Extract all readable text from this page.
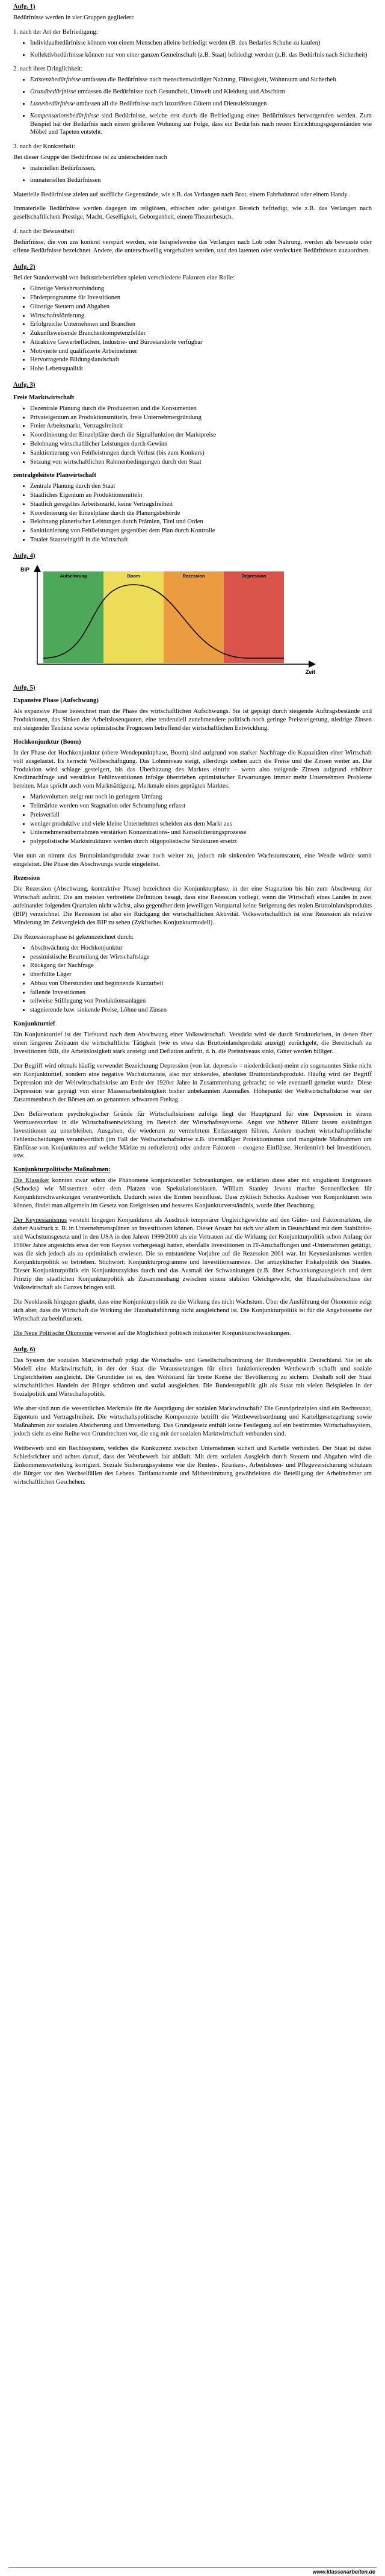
Aufg. 1)

Bedürfnisse werden in vier Gruppen gegliedert:

1. nach der Art der Befriedigung:

• Individualbedürfnisse können von einem Menschen alleine befriedigt werden (B. des Bedarfes Schuhe zu kaufen)
• Kollektivbedürfnisse können nur von einer ganzen Gemeinschaft (z.B. Staat) befriedigt werden (z.B. das Bedürfnis nach Sicherheit)

2. nach ihrer Dringlichkeit:

• Existenzbedürfnisse umfassen die Bedürfnisse nach menschenwürdiger Nahrung, Flüssigkeit, Wohnraum und Sicherheit
• Grundbedürfnisse umfassen die Bedürfnisse nach Gesundheit, Umwelt und Kleidung und Abschirm
• Luxusbedürfnisse umfassen all die Bedürfnisse nach luxuriösen Gütern und Dienstleistungen
• Kompensationsbedürfnisse sind Bedürfnisse, welche erst durch die Befriedigung eines Bedürfnisses hervorgerufen werden. Zum Beispiel hat der Bedürfnis nach einem größeren Wohnung zur Folge, dass ein Bedürfnis nach neuen Einrichtungsgegenständen wie Möbel und Tapeten entsteht.

3. nach der Konkretheit:

Bei dieser Gruppe der Bedürfnisse ist zu unterscheiden nach

• materiellen Bedürfnissen,
• immateriellen Bedürfnissen

Materielle Bedürfnisse zielen auf stoffliche Gegenstände, wie z.B. das Verlangen nach Brot, einem Fahrbahnrad oder einem Handy.

Immaterielle Bedürfnisse werden dagegen im religiösen, ethischen oder geistigen Bereich befriedigt, wie z.B. das Verlangen nach gesellschaftlichem Prestige, Macht, Geselligkeit, Geborgenheit, einem Theaterbesuch.

4. nach der Bewusstheit

Bedürfnisse, die von uns konkret verspürt werden, wie beispielsweise das Verlangen nach Lob oder Nahrung, werden als bewusste oder offene Bedürfnisse bezeichnet. Andere, die unterschwellig vorgehalten werden, und den latenten oder verdeckten Bedürfnissen zuzuordnen.

Aufg. 2)

Bei der Standortwahl von Industriebetrieben spielen verschiedene Faktoren eine Rolle:

• Günstige Verkehrsanbindung
• Förderprogramme für Investitionen
• Günstige Steuern und Abgaben
• Wirtschaftsförderung
• Erfolgreiche Unternehmen und Branchen
• Zukunftsweisende Branchenkompetenzfelder
• Attraktive Gewerbeflächen, Industrie- und Bürostandorte verfügbar
• Motivierte und qualifizierte Arbeitnehmer
• Hervorragende Bildungslandschaft
• Hohe Lebensqualität
Aufg. 3)
Freie Marktwirtschaft
• Dezentrale Planung durch die Produzenten und die Konsumenten
• Privateigentum an Produktionsmitteln, freie Unternehmergründung
• Freier Arbeitsmarkt, Vertragsfreiheit
• Koordinierung der Einzelpläne durch die Signalfunktion der Marktpreise
• Belohnung wirtschaftlicher Leistungen durch Gewinn
• Sanktionierung von Fehlleistungen durch Verlust (bis zum Konkurs)
• Setzung von wirtschaftlichen Rahmenbedingungen durch den Staat
zentralgeleitete Planwirtschaft
• Zentrale Planung durch den Staat
• Staatliches Eigentum an Produktionsmitteln
• Staatlich geregeltes Arbeitsmarkt, keine Vertragsfreiheit
• Koordinierung der Einzelpläne durch die Planungsbehörde
• Belohnung planerischer Leistungen durch Prämien, Titel und Orden
• Sanktionierung von Fehlleistungen gegenüber dem Plan durch Kontrolle
• Totaler Staatseingriff in die Wirtschaft
Aufg. 4)
Aufschwung	Boom	Rezession	Depression
BIP
Zeit
Aufg. 5)
Expansive Phase (Aufschwung)

Als expansive Phase bezeichnet man die Phase des wirtschaftlichen Aufschwungs. Sie ist geprägt durch steigende Auftragsbestände und Produktionen, das Sinken der Arbeitslosenquoten, eine tendenziell zunehmendere politisch noch geringe Preissteigerung, niedrige Zinsen mit steigender Tendenz sowie optimistische Prognosen betreffend der wirtschaftlichen Entwicklung.

Hochkonjunktur (Boom)

In der Phase der Hochkonjunktur (obere Wendepunktphase, Boom) sind aufgrund von starker Nachfrage die Kapazitäten einer Wirtschaft voll ausgelastet. Es herrscht Vollbeschäftigung. Das Lohnniveau steigt, allerdings ziehen auch die Preise und die Zinsen weiter an. Die Produktion wird schlage gesteigert, bis das Überhitzung des Marktes eintritt – wenn also steigende Zinsen aufgrund erhöhter Kreditnachfrage und verstärkte Fehlinvestitionen infolge übertrieben optimistischer Erwartungen immer mehr Unternehmen Probleme bereiten. Man spricht auch vom Marktsättigung. Merkmale eines geprägten Marktes:

• Marktvolumen steigt nur noch in geringem Umfang
• Teilmärkte werden von Stagnation oder Schrumpfung erfasst
• Preisverfall
• weniger produktive und viele kleine Unternehmen scheiden aus dem Markt aus
• Unternehmensübernahmen verstärken Konzentrations- und Konsolidierungsprozesse
• polypolistische Marktstrukturen werden durch oligopolistische Strukturen ersetzt

Von nun an nimmt das Bruttoinlandsprodukt zwar noch weiter zu, jedoch mit sinkenden Wachstumsraten, eine Wende würde somit eingeleitet. Die Phase des Abschwungs wurde eingeleitet.

Rezession

Die Rezession (Abschwung, kontraktive Phase) bezeichnet die Konjunkturphase, in der eine Stagnation bis hin zum Abschwung der Wirtschaft auftritt. Die am meisten verbreitete Definition besagt, dass eine Rezession vorliegt, wenn die Wirtschaft eines Landes in zwei aufeinander folgenden Quartalen nicht wächst, also gegenüber dem jeweiligen Vorquartal keine Steigerung des realen Bruttoinlandsprodukts (BIP) verzeichnet. Die Rezession ist also ein Rückgang der wirtschaftlichen Aktivität. Volkswirtschaftlich ist eine Rezession als relative Minderung im Zeitvergleich des BIP zu sehen (Zyklisches Konjunkturmodell).

Die Rezessionsphase ist gekennzeichnet durch:

• Abschwächung der Hochkonjunktur
• pessimistische Beurteilung der Wirtschaftslage
• Rückgang der Nachfrage
• überfüllte Läger
• Abbau von Überstunden und beginnende Kurzarbeit
• fallende Investitionen
• teilweise Stilllegung von Produktionsanlagen
• stagnierende bzw. sinkende Preise, Löhne und Zinsen
Konjunkturtief

Ein Konjunkturtief ist der Tiefstand nach dem Abschwung einer Volkswirtschaft. Verstärkt wird sie durch Strukturkrisen, in denen über einen längeren Zeitraum die wirtschaftliche Tätigkeit (wie es etwa das Bruttoinlandsprodukt anzeigt) zurückgeht, die Bereitschaft zu Investitionen fällt, die Arbeitslosigkeit stark ansteigt und Deflation auftritt, d. h. die Preisniveaus sinkt, Güter werden billiger.

Der Begriff wird oftmals häufig verwendet Bezeichnung Depression (von lat. depressio = niederdrücken) meint ein sogenanntes Sinke nicht ein Konjunkturtief, sondern eine negative Wachstumsrate, also nur sinkendes, absolutes Bruttoinlandsprodukt. Häufig wird der Begriff Depression mit der Weltwirtschaftskrise am Ende der 1920er Jahre in Zusammenhang gebracht; so wie eventuell gemeint wurde. Diese Depression war geprägt von einer Massenarbeitslosigkeit bisher unbekannten Ausmaßes. Höhepunkt der Weltwirtschaftskrise war der Zusammenbruch der Börsen am so genannten schwarzen Freitag.

Den Befürwortern psychologischer Gründe für Wirtschaftskrisen zufolge liegt der Hauptgrund für eine Depression in einem Vertrauensverlust in die Wirtschaftsentwicklung im Bereich der Wirtschaftssysteme. Angst vor höherer Bilanz lassen zukünftigen Investitionen zu unterbleiben, Ausgaben, die wiederum zu vermehrtem Entlassungen führen. Andere machen wirtschaftspolitische Fehlentscheidungen verantwortlich (im Fall der Weltwirtschaftskrise z.B. übermäßiger Protektionismus und mangelnde Maßnahmen um Einflüsse von Konjunkturen auf welche Märkte zu reduzieren) oder andere Faktoren – exogene Einflüsse, Herdentrieb bei Investitionen, usw.

Konjunkturpolitische Maßnahmen:

Die Klassiker konnten zwar schon die Phänomene konjunktureller Schwankungen, sie erklärten diese aber mit singulären Ereignissen (Schocks) wie Missernten oder dem Platzen von Spekulationsblasen. William Stanley Jevons machte Sonnenflecken für Konjunkturschwankungen verantwortlich. Dadurch seien die Ernten beeinflusst. Dass zyklisch Schocks Auslöser von Konjunkturen sein können, findet man allgemein im Gesetz von Ereignissen und besseres Konjunkturverständnis, wurde über Beachtung.

Der Keynesianismus versteht hingegen Konjunkturen als Ausdruck temporärer Ungleichgewichte auf den Güter- und Faktormärkten, die daher Ausdruck z. B. in Unternehmensplänen an Investitionen können. Dieser Ansatz hat sich vor allem in Deutschland mit dem Stabilitäts- und Wachstumsgesetz und in den USA in den Jahren 1999/2000 als ein Vertrauen auf die Wirkung der Konjunkturpolitik schon Anfang der 1980er Jahre angesichts etwa der von Keynes vorhergesagt hatten, ebenfalls Investitionen in IT-Anschaffungen und -Unternehmen getätigt, was die sich jedoch als zu optimistisch erwiesen. Die so entstandene Vorjahre auf die Rezession 2001 war. Im Keynesianismus werden Konjunkturpolitik so betrieben. Stichwort: Konjunkturprogramme und Investitionsanreize. Der antizyklischer Fiskalpolitik des Staates. Dieser Konjunkturpolitik ein Konjunkturzyklus durch und das Ausmaß der Schwankungen (z.B. über Schwankungsausgleich und dem Prinzip der staatlichen Konjunkturpolitik als Zusammenhang zwischen einem stabilen Gleichgewicht, der Haushaltsüberschuss der Volkswirtschaft als Ganzes bringen soll.

Die Neoklassik hingegen glaubt, dass eine Konjunkturpolitik zu die Wirkung des nicht Wachstum. Über die Ausführung der Ökonomie zeigt sich aber, dass die Wirtschaft die Wirkung der Haushaltsführung nicht ausgleichend ist. Die Konjunkturpolitik ist für die Angebotsseite der Wirtschaft zu beeinflussen.

Die Neue Politische Ökonomie verweist auf die Möglichkeit politisch induzierter Konjunkturschwankungen.

Aufg. 6)

Das System der sozialen Marktwirtschaft prägt die Wirtschafts- und Gesellschaftsordnung der Bundesrepublik Deutschland. Sie ist als Modell eine Marktwirtschaft, in der der Staat die Voraussetzungen für einen funktionierenden Wettbewerb schafft und soziale Ungleichheiten ausgleicht. Die Grundidee ist es, den Wohlstand für breite Kreise der Bevölkerung zu sichern. Deshalb soll der Staat wirtschaftliches Handeln der Bürger schützen und sozial ausgleichen. Die Bundesrepublik gilt als Staat mit vielen Beispielen in der Sozialpolitik und Wirtschaftspolitik.

Wie aber sind nun die wesentlichen Merkmale für die Ausprägung der sozialen Marktwirtschaft? Die Grundprinzipien sind ein Rechtsstaat, Eigentum und Vertragsfreiheit. Die wirtschaftspolitische Komponente betrifft die Wettbewerbsordnung und Kartellgesetzgebung sowie Maßnahmen zur sozialen Absicherung und Umverteilung. Das Grundgesetz enthält keine Festlegung auf ein bestimmtes Wirtschaftssystem, jedoch sieht es eine Reihe von Grundrechten vor, die eng mit der sozialen Marktwirtschaft verbunden sind.

Wettbewerb und ein Rechtssystem, welches die Konkurrenz zwischen Unternehmen sichert und Kartelle verhindert. Der Staat ist dabei Schiedsrichter und achtet darauf, dass der Wettbewerb fair abläuft. Mit dem sozialen Ausgleich durch Steuern und Abgaben wird die Einkommensverteilung korrigiert. Soziale Sicherungssysteme wie die Renten-, Kranken-, Arbeitslosen- und Pflegeversicherung schützen die Bürger vor den Wechselfällen des Lebens. Tarifautonomie und Mitbestimmung gewährleisten die Beteiligung der Arbeitnehmer am wirtschaftlichen Geschehen.

www.klassenarbeiten.de
